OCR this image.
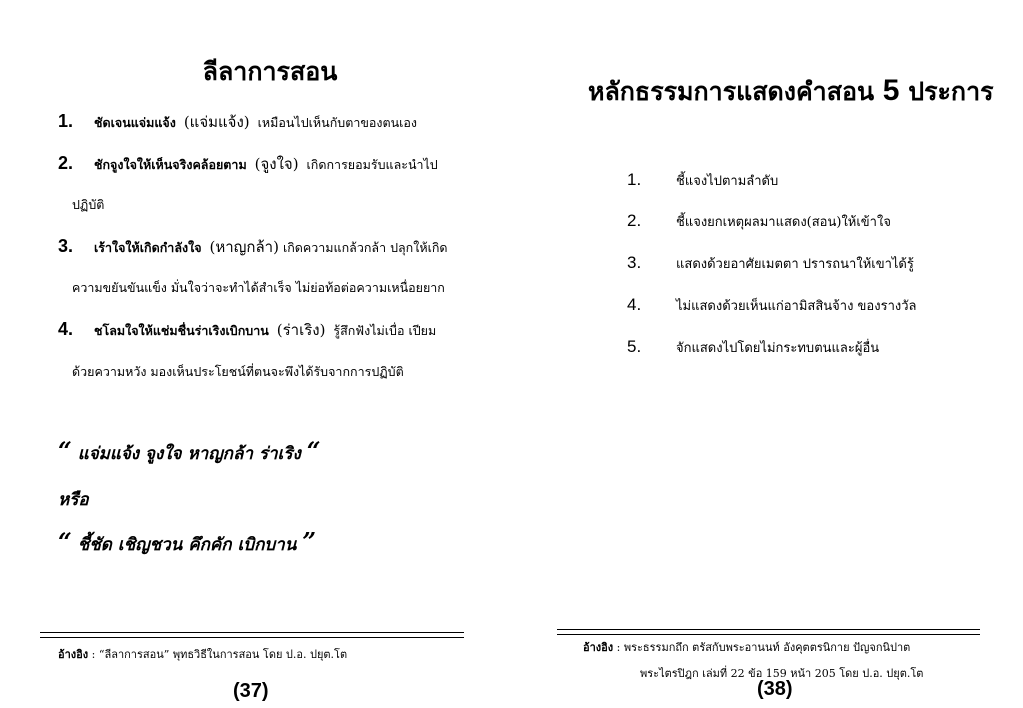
ลีลาการสอน
1. ชัดเจนแจ่มแจ้ง (แจ่มแจ้ง) เหมือนไปเห็นกับตาของตนเอง
2. ชักจูงใจให้เห็นจริงคล้อยตาม (จูงใจ) เกิดการยอมรับและนำไป
ปฏิบัติ
3. เร้าใจให้เกิดกำลังใจ (หาญกล้า) เกิดความแกล้วกล้า ปลุกให้เกิด
ความขยันขันแข็ง มั่นใจว่าจะทำได้สำเร็จ ไม่ย่อท้อต่อความเหนื่อยยาก
4. ชโลมใจให้แช่มชื่นร่าเริงเบิกบาน (ร่าเริง) รู้สึกฟังไม่เบื่อ เปียม
ด้วยความหวัง มองเห็นประโยชน์ที่ตนจะพึงได้รับจากการปฏิบัติ
“ แจ่มแจ้ง จูงใจ หาญกล้า ร่าเริง “
หรือ
“ ชี้ชัด เชิญชวน คึกคัก เบิกบาน ”
อ้างอิง : “ลีลาการสอน” พุทธวิธีในการสอน โดย ป.อ. ปยุต.โต
(37)
หลักธรรมการแสดงคำสอน 5 ประการ
1.	ชี้แจงไปตามลำดับ
2.	ชี้แจงยกเหตุผลมาแสดง(สอน)ให้เข้าใจ
3.	แสดงด้วยอาศัยเมตตา ปรารถนาให้เขาได้รู้
4.	ไม่แสดงด้วยเห็นแก่อามิสสินจ้าง ของรางวัล
5.	จักแสดงไปโดยไม่กระทบตนและผู้อื่น
อ้างอิง : พระธรรมกถึก ตรัสกับพระอานนท์ อังคุตตรนิกาย ปัญจกนิปาต
พระไตรปิฎก เล่มที่ 22 ข้อ 159 หน้า 205 โดย ป.อ. ปยุต.โต
(38)
